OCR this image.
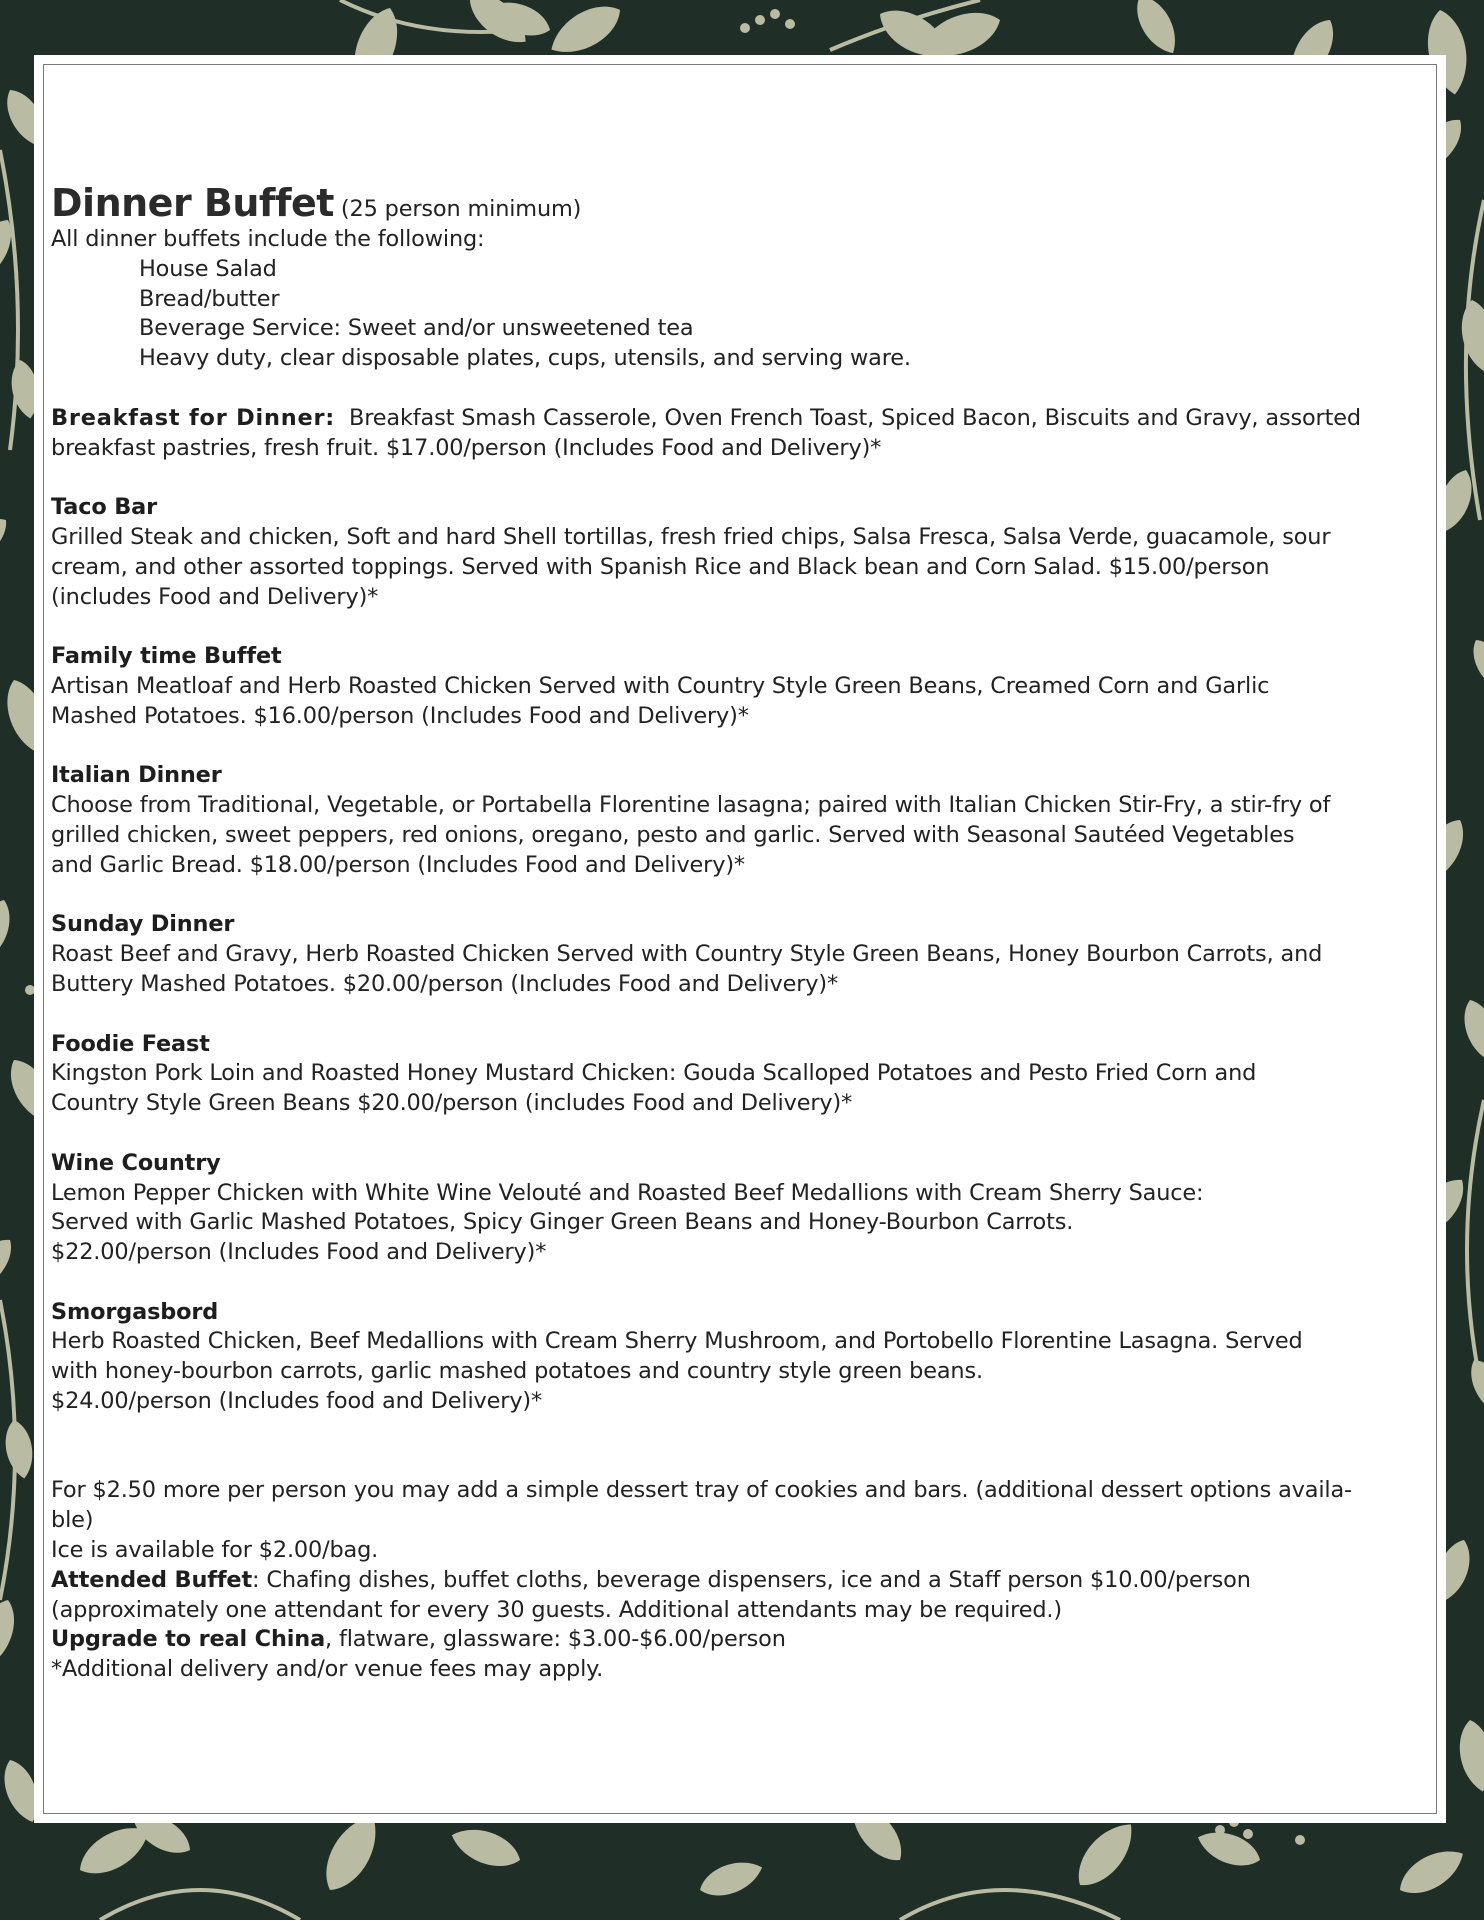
Dinner Buffet (25 person minimum)
All dinner buffets include the following:
House Salad
Bread/butter
Beverage Service: Sweet and/or unsweetened tea
Heavy duty, clear disposable plates, cups, utensils, and serving ware.
Breakfast for Dinner: Breakfast Smash Casserole, Oven French Toast, Spiced Bacon, Biscuits and Gravy, assorted
breakfast pastries, fresh fruit. $17.00/person (Includes Food and Delivery)*
Taco Bar
Grilled Steak and chicken, Soft and hard Shell tortillas, fresh fried chips, Salsa Fresca, Salsa Verde, guacamole, sour
cream, and other assorted toppings. Served with Spanish Rice and Black bean and Corn Salad. $15.00/person
(includes Food and Delivery)*
Family time Buffet
Artisan Meatloaf and Herb Roasted Chicken Served with Country Style Green Beans, Creamed Corn and Garlic
Mashed Potatoes. $16.00/person (Includes Food and Delivery)*
Italian Dinner
Choose from Traditional, Vegetable, or Portabella Florentine lasagna; paired with Italian Chicken Stir-Fry, a stir-fry of
grilled chicken, sweet peppers, red onions, oregano, pesto and garlic. Served with Seasonal Sautéed Vegetables
and Garlic Bread. $18.00/person (Includes Food and Delivery)*
Sunday Dinner
Roast Beef and Gravy, Herb Roasted Chicken Served with Country Style Green Beans, Honey Bourbon Carrots, and
Buttery Mashed Potatoes. $20.00/person (Includes Food and Delivery)*
Foodie Feast
Kingston Pork Loin and Roasted Honey Mustard Chicken: Gouda Scalloped Potatoes and Pesto Fried Corn and
Country Style Green Beans $20.00/person (includes Food and Delivery)*
Wine Country
Lemon Pepper Chicken with White Wine Velouté and Roasted Beef Medallions with Cream Sherry Sauce:
Served with Garlic Mashed Potatoes, Spicy Ginger Green Beans and Honey-Bourbon Carrots.
$22.00/person (Includes Food and Delivery)*
Smorgasbord
Herb Roasted Chicken, Beef Medallions with Cream Sherry Mushroom, and Portobello Florentine Lasagna. Served
with honey-bourbon carrots, garlic mashed potatoes and country style green beans.
$24.00/person (Includes food and Delivery)*
For $2.50 more per person you may add a simple dessert tray of cookies and bars. (additional dessert options availa-
ble)
Ice is available for $2.00/bag.
Attended Buffet: Chafing dishes, buffet cloths, beverage dispensers, ice and a Staff person $10.00/person
(approximately one attendant for every 30 guests. Additional attendants may be required.)
Upgrade to real China, flatware, glassware: $3.00-$6.00/person
*Additional delivery and/or venue fees may apply.
